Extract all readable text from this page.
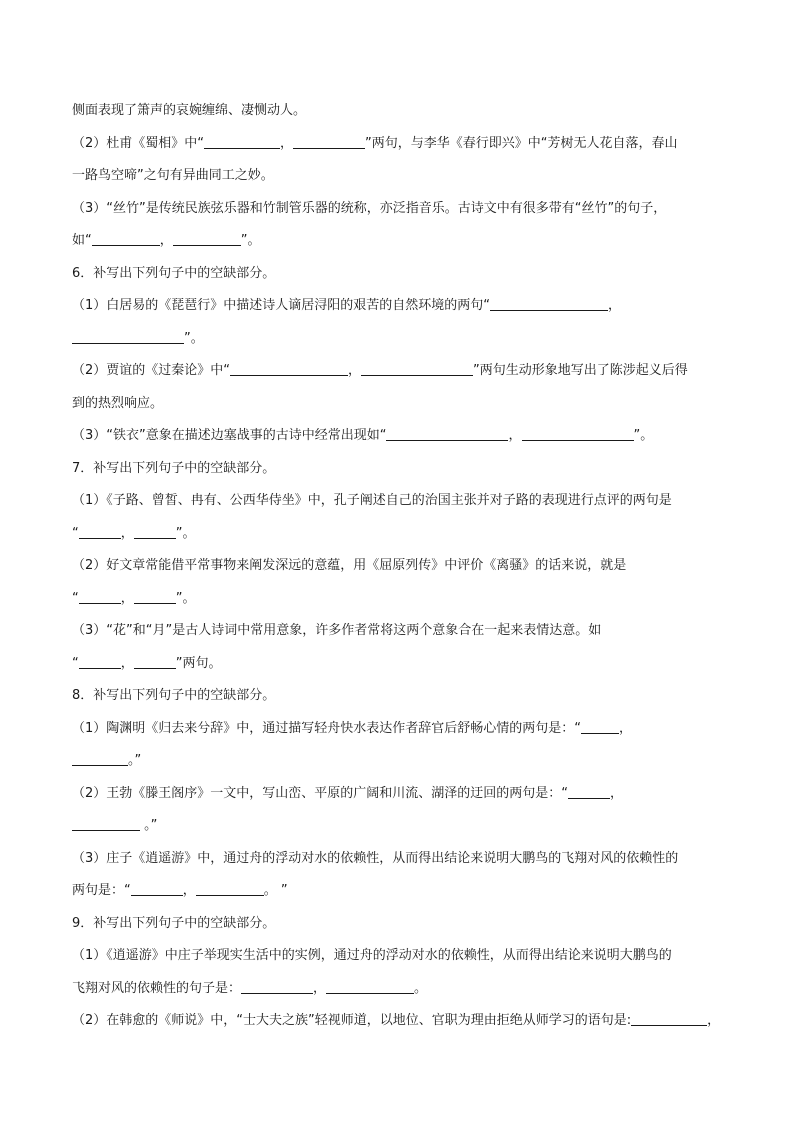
侧面表现了箫声的哀婉缠绵、凄恻动人。
（2）杜甫《蜀相》中“	，	”两句，与李华《春行即兴》中“芳树无人花自落，春山
一路鸟空啼”之句有异曲同工之妙。
（3）“丝竹”是传统民族弦乐器和竹制管乐器的统称，亦泛指音乐。古诗文中有很多带有“丝竹”的句子，
如“	，	”。
6．补写出下列句子中的空缺部分。
（1）白居易的《琵琶行》中描述诗人谪居浔阳的艰苦的自然环境的两句“	，
”。
（2）贾谊的《过秦论》中“	，	”两句生动形象地写出了陈涉起义后得
到的热烈响应。
（3）“铁衣”意象在描述边塞战事的古诗中经常出现如“	，	”。
7．补写出下列句子中的空缺部分。
（1）《子路、曾皙、冉有、公西华侍坐》中，孔子阐述自己的治国主张并对子路的表现进行点评的两句是
“	，	”。
（2）好文章常能借平常事物来阐发深远的意蕴，用《屈原列传》中评价《离骚》的话来说，就是
“	，	”。
（3）“花”和“月”是古人诗词中常用意象，许多作者常将这两个意象合在一起来表情达意。如
“	，	”两句。
8．补写出下列句子中的空缺部分。
（1）陶渊明《归去来兮辞》中，通过描写轻舟快水表达作者辞官后舒畅心情的两句是：“	，
。”
（2）王勃《滕王阁序》一文中，写山峦、平原的广阔和川流、湖泽的迂回的两句是：“	，
。”
（3）庄子《逍遥游》中，通过舟的浮动对水的依赖性，从而得出结论来说明大鹏鸟的飞翔对风的依赖性的
两句是：“	，	。 ”
9．补写出下列句子中的空缺部分。
（1）《逍遥游》中庄子举现实生活中的实例，通过舟的浮动对水的依赖性，从而得出结论来说明大鹏鸟的
飞翔对风的依赖性的句子是：	，	。
（2）在韩愈的《师说》中，“士大夫之族”轻视师道，以地位、官职为理由拒绝从师学习的语句是:	，
